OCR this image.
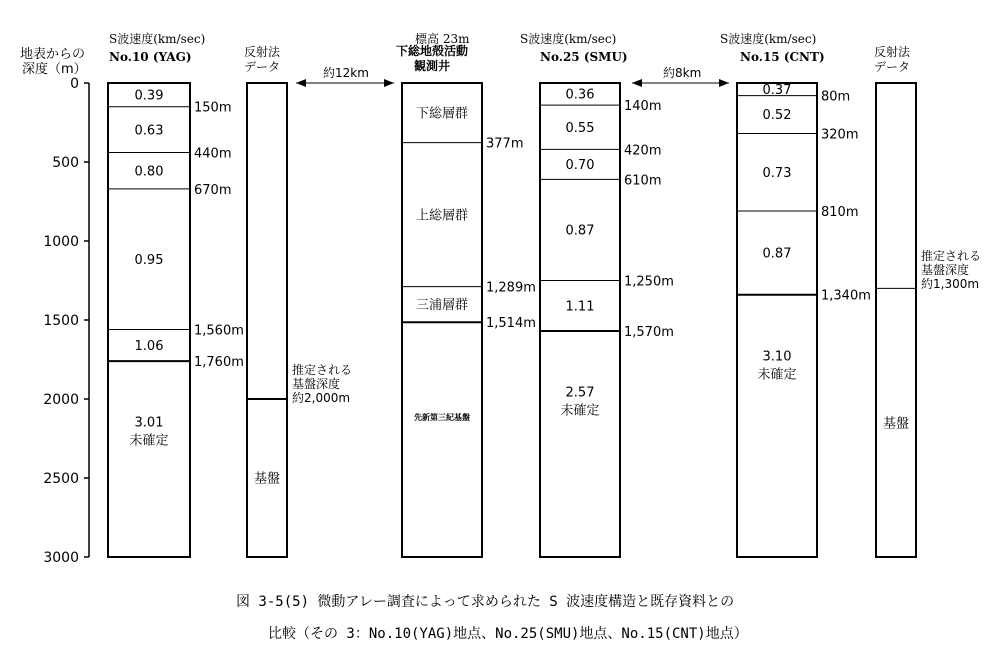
0
500
1000
1500
2000
2500
3000
150m
440m
670m
1,560m
1,760m
0.39
0.63
0.80
0.95
1.06
3.01
未確定
基盤
377m
1,289m
1,514m
下総層群
上総層群
三浦層群
先新第三紀基盤
140m
420m
610m
1,250m
1,570m
0.36
0.55
0.70
0.87
1.11
2.57
未確定
80m
320m
810m
1,340m
0.37
0.52
0.73
0.87
3.10
未確定
基盤
地表からの
深度（m）
S波速度(km/sec)
No.10 (YAG)	反射法
データ
標高 23m
下総地殻活動
観測井
S波速度(km/sec)
No.25 (SMU)
S波速度(km/sec)
No.15 (CNT)	反射法
データ
約12km	約8km
推定される
基盤深度
約2,000m
推定される
基盤深度
約1,300m
図 3-5(5) 微動アレー調査によって求められた S 波速度構造と既存資料との
比較（その 3：No.10(YAG)地点、No.25(SMU)地点、No.15(CNT)地点）
